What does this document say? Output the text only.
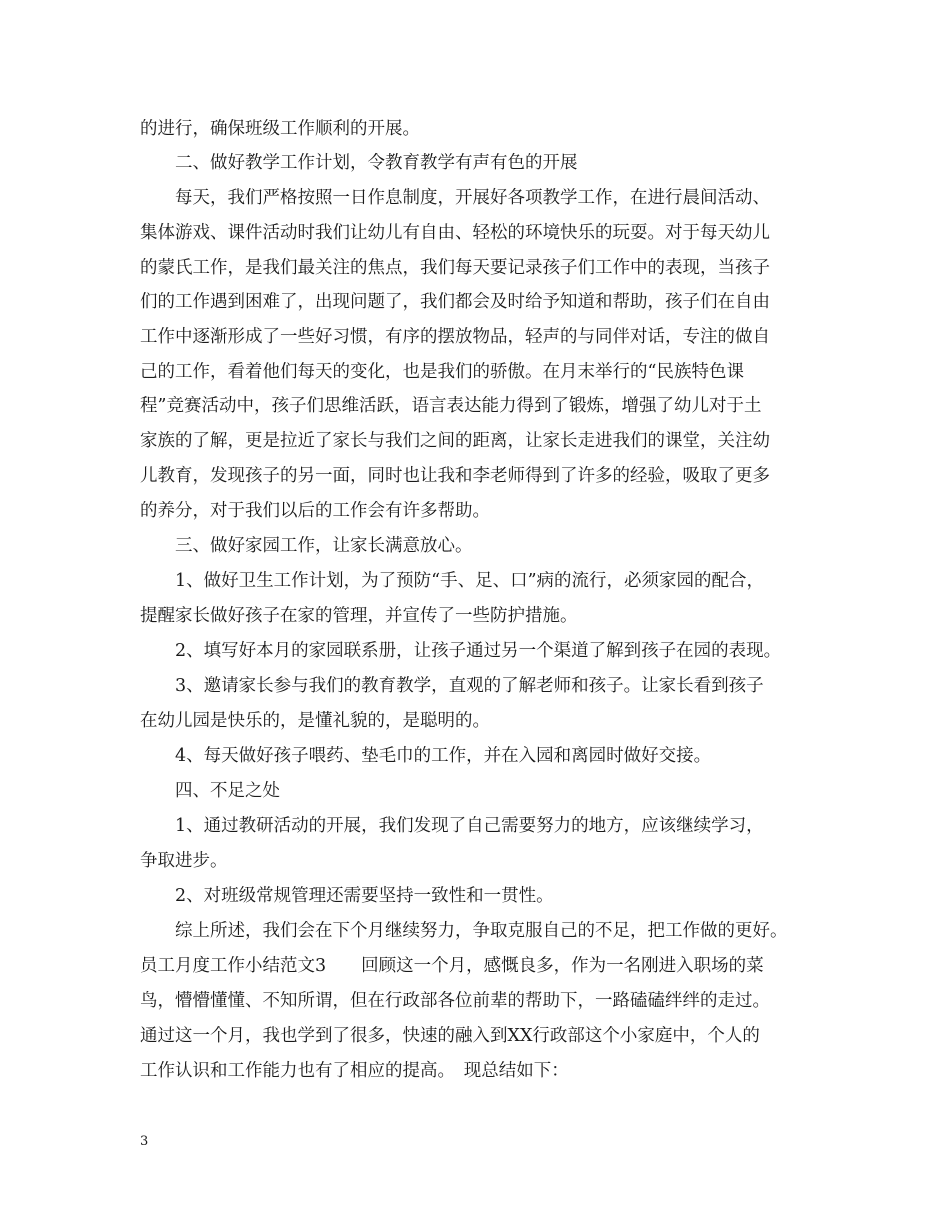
的进行，确保班级工作顺利的开展。

二、做好教学工作计划，令教育教学有声有色的开展

每天，我们严格按照一日作息制度，开展好各项教学工作，在进行晨间活动、

集体游戏、课件活动时我们让幼儿有自由、轻松的环境快乐的玩耍。对于每天幼儿

的蒙氏工作，是我们最关注的焦点，我们每天要记录孩子们工作中的表现，当孩子

们的工作遇到困难了，出现问题了，我们都会及时给予知道和帮助，孩子们在自由

工作中逐渐形成了一些好习惯，有序的摆放物品，轻声的与同伴对话，专注的做自

己的工作，看着他们每天的变化，也是我们的骄傲。在月末举行的“民族特色课

程”竞赛活动中，孩子们思维活跃，语言表达能力得到了锻炼，增强了幼儿对于土

家族的了解，更是拉近了家长与我们之间的距离，让家长走进我们的课堂，关注幼

儿教育，发现孩子的另一面，同时也让我和李老师得到了许多的经验，吸取了更多

的养分，对于我们以后的工作会有许多帮助。

三、做好家园工作，让家长满意放心。

1、做好卫生工作计划，为了预防“手、足、口”病的流行，必须家园的配合，

提醒家长做好孩子在家的管理，并宣传了一些防护措施。

2、填写好本月的家园联系册，让孩子通过另一个渠道了解到孩子在园的表现。

3、邀请家长参与我们的教育教学，直观的了解老师和孩子。让家长看到孩子

在幼儿园是快乐的，是懂礼貌的，是聪明的。

4、每天做好孩子喂药、垫毛巾的工作，并在入园和离园时做好交接。

四、不足之处

1、通过教研活动的开展，我们发现了自己需要努力的地方，应该继续学习，

争取进步。

2、对班级常规管理还需要坚持一致性和一贯性。

综上所述，我们会在下个月继续努力，争取克服自己的不足，把工作做的更好。

员工月度工作小结范文3　　回顾这一个月，感慨良多，作为一名刚进入职场的菜

鸟，懵懵懂懂、不知所谓，但在行政部各位前辈的帮助下，一路磕磕绊绊的走过。

通过这一个月，我也学到了很多，快速的融入到XX行政部这个小家庭中，个人的

工作认识和工作能力也有了相应的提高。　现总结如下：

3
